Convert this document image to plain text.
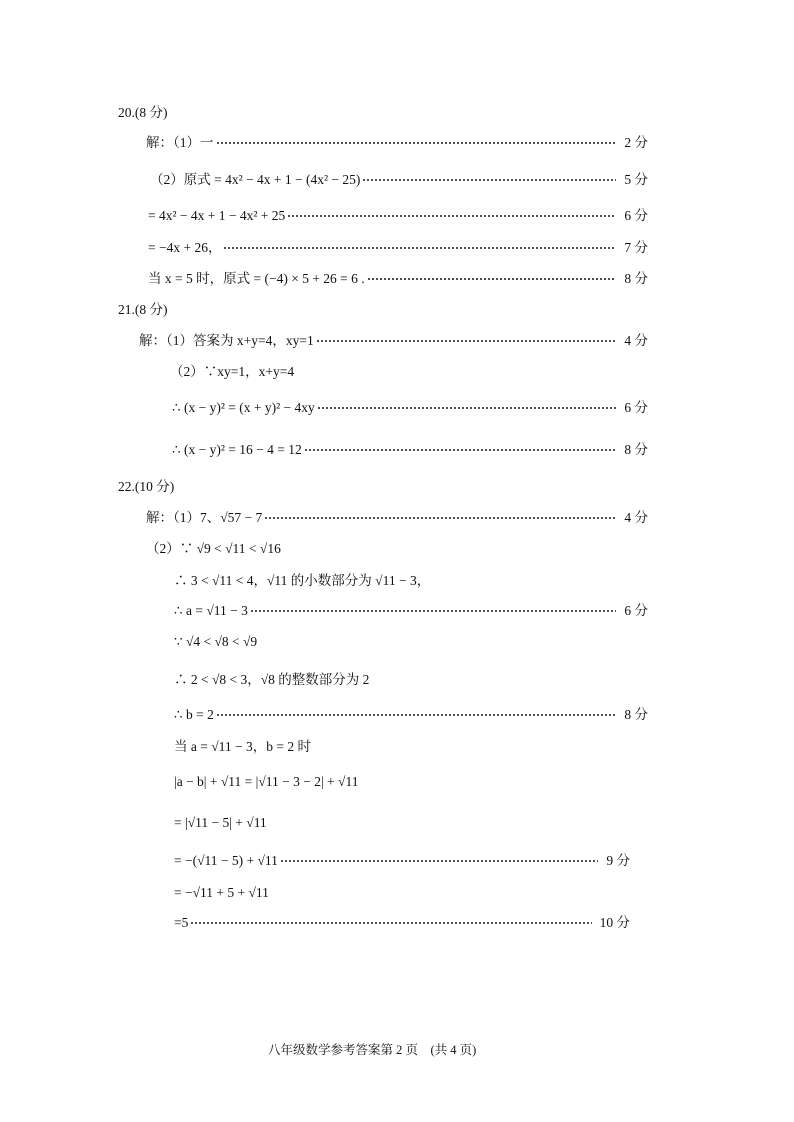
20.(8 分)
解：（1）一	2 分
（2）原式 = 4x² − 4x + 1 − (4x² − 25)	5 分
= 4x² − 4x + 1 − 4x² + 25	6 分
= −4x + 26，	7 分
当 x = 5 时，原式 = (−4) × 5 + 26 = 6 .	8 分
21.(8 分)
解：（1）答案为 x+y=4，xy=1	4 分
（2）∵xy=1，x+y=4
∴ (x − y)² = (x + y)² − 4xy	6 分
∴ (x − y)² = 16 − 4 = 12	8 分
22.(10 分)
解：（1）7、√57 − 7	4 分
（2）∵ √9 < √11 < √16
∴ 3 < √11 < 4，√11 的小数部分为 √11 − 3，
∴ a = √11 − 3	6 分
∵ √4 < √8 < √9
∴ 2 < √8 < 3，√8 的整数部分为 2
∴ b = 2	8 分
当 a = √11 − 3，b = 2 时
|a − b| + √11 = |√11 − 3 − 2| + √11
= |√11 − 5| + √11
= −(√11 − 5) + √11	9 分
= −√11 + 5 + √11
=5	10 分
八年级数学参考答案第 2 页　(共 4 页)
